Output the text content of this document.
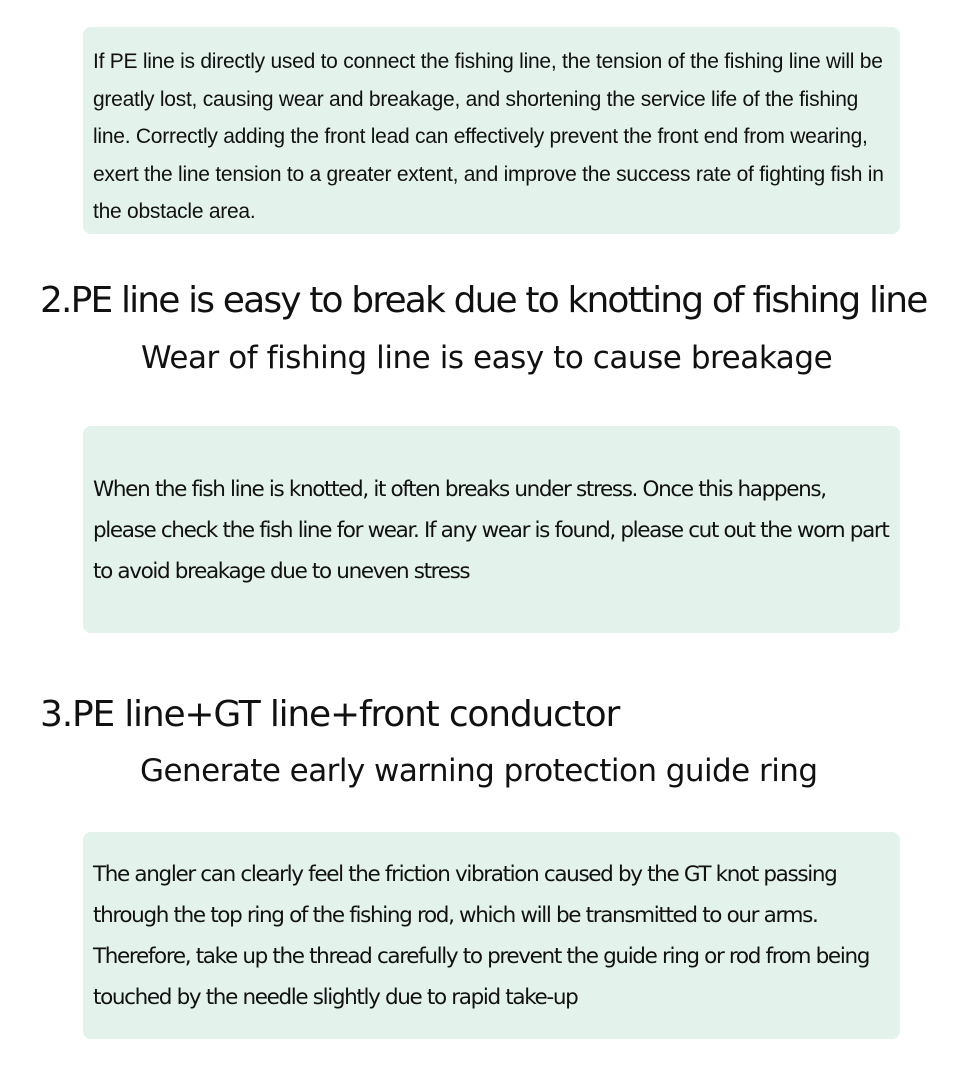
If PE line is directly used to connect the fishing line, the tension of the fishing line will be greatly lost, causing wear and breakage, and shortening the service life of the fishing line. Correctly adding the front lead can effectively prevent the front end from wearing, exert the line tension to a greater extent, and improve the success rate of fighting fish in the obstacle area.

2.PE line is easy to break due to knotting of fishing line
Wear of fishing line is easy to cause breakage

When the fish line is knotted, it often breaks under stress. Once this happens, please check the fish line for wear. If any wear is found, please cut out the worn part to avoid breakage due to uneven stress

3.PE line+GT line+front conductor
Generate early warning protection guide ring

The angler can clearly feel the friction vibration caused by the GT knot passing through the top ring of the fishing rod, which will be transmitted to our arms. Therefore, take up the thread carefully to prevent the guide ring or rod from being touched by the needle slightly due to rapid take-up
